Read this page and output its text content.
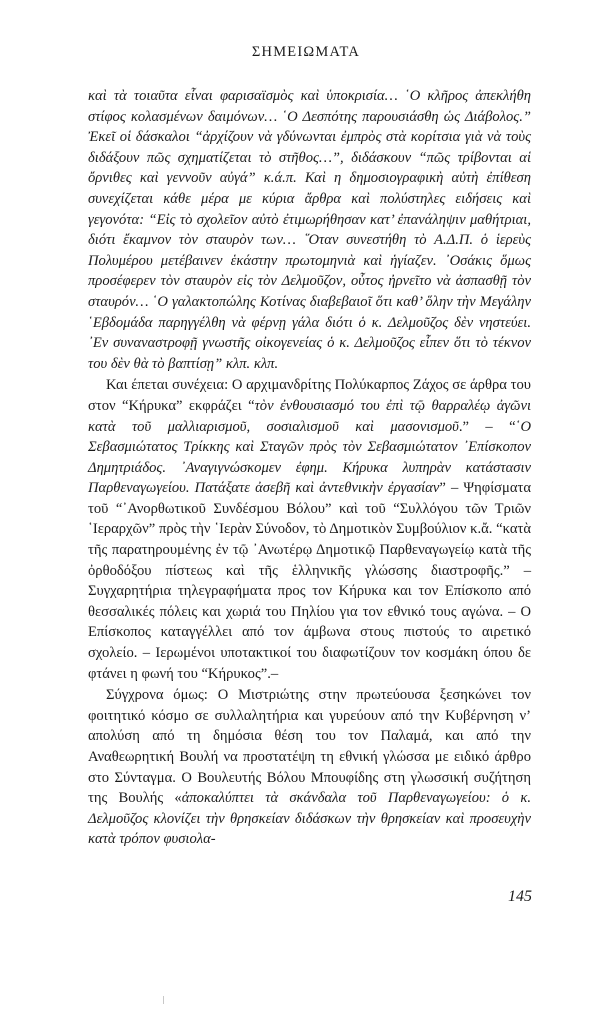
ΣΗΜΕΙΩΜΑΤΑ

καὶ τὰ τοιαῦτα εἶναι φαρισαϊσμὸς καὶ ὑποκρισία… ῾Ο κλῆρος ἀπεκλήθη στίφος κολασμένων δαιμόνων… ῾Ο Δεσπότης παρουσιάσθη ὡς Διάβολος.” Ἐκεῖ οἱ δάσκαλοι “ἀρχίζουν νὰ γδύνωνται ἐμπρὸς στὰ κορίτσια γιὰ νὰ τοὺς διδάξουν πῶς σχηματίζεται τὸ στῆθος…”, διδάσκουν “πῶς τρίβονται αἱ ὄρνιθες καὶ γεννοῦν αὐγά” κ.ά.π. Καὶ η δημοσιογραφικὴ αὐτὴ ἐπίθεση συνεχίζεται κάθε μέρα με κύρια ἄρθρα καὶ πολύστηλες ειδήσεις καὶ γεγονότα: “Εἰς τὸ σχολεῖον αὐτὸ ἐτιμωρήθησαν κατ’ ἐπανάληψιν μαθήτριαι, διότι ἔκαμνον τὸν σταυρὸν των… ῞Οταν συνεστήθη τὸ Α.Δ.Π. ὁ ἱερεὺς Πολυμέρου μετέβαινεν ἑκάστην πρωτομηνιὰ καὶ ἡγίαζεν. ᾿Οσάκις ὅμως προσέφερεν τὸν σταυρὸν εἰς τὸν Δελμοῦζον, οὗτος ἠρνεῖτο νὰ ἀσπασθῇ τὸν σταυρόν… ῾Ο γαλακτοπώλης Κοτίνας διαβεβαιοῖ ὅτι καθ’ ὅλην τὴν Μεγάλην ῾Εβδομάδα παρηγγέλθη νὰ φέρνῃ γάλα διότι ὁ κ. Δελμοῦζος δὲν νηστεύει. ᾿Εν συναναστροφῇ γνωστῆς οἰκογενείας ὁ κ. Δελμοῦζος εἶπεν ὅτι τὸ τέκνον του δὲν θὰ τὸ βαπτίσῃ” κλπ. κλπ.

Και έπεται συνέχεια: Ο αρχιμανδρίτης Πολύκαρπος Ζάχος σε άρθρα του στον “Κήρυκα” εκφράζει “τὸν ἐνθουσιασμό του ἐπὶ τῷ θαρραλέῳ ἀγῶνι κατὰ τοῦ μαλλιαρισμοῦ, σοσιαλισμοῦ καὶ μασονισμοῦ.” – “῾Ο Σεβασμιώτατος Τρίκκης καὶ Σταγῶν πρὸς τὸν Σεβασμιώτατον ᾿Επίσκοπον Δημητριάδος. ᾿Αναγιγνώσκομεν ἐφημ. Κήρυκα λυπηρὰν κατάστασιν Παρθεναγωγείου. Πατάξατε ἀσεβῆ καὶ ἀντεθνικὴν ἐργασίαν” – Ψηφίσματα τοῦ “᾿Ανορθωτικοῦ Συνδέσμου Βόλου” καὶ τοῦ “Συλλόγου τῶν Τριῶν ῾Ιεραρχῶν” πρὸς τὴν ῾Ιερὰν Σύνοδον, τὸ Δημοτικὸν Συμβούλιον κ.ἄ. “κατὰ τῆς παρατηρουμένης ἐν τῷ ᾿Ανωτέρῳ Δημοτικῷ Παρθεναγωγείῳ κατὰ τῆς ὀρθοδόξου πίστεως καὶ τῆς ἑλληνικῆς γλώσσης διαστροφῆς.” – Συγχαρητήρια τηλεγραφήματα προς τον Κήρυκα και τον Επίσκοπο από θεσσαλικές πόλεις και χωριά του Πηλίου για τον εθνικό τους αγώνα. – Ο Επίσκοπος καταγγέλλει από τον άμβωνα στους πιστούς το αιρετικό σχολείο. – Ιερωμένοι υποτακτικοί του διαφωτίζουν τον κοσμάκη όπου δε φτάνει η φωνή του “Κήρυκος”.–

Σύγχρονα όμως: Ο Μιστριώτης στην πρωτεύουσα ξεσηκώνει τον φοιτητικό κόσμο σε συλλαλητήρια και γυρεύουν από την Κυβέρνηση ν’ απολύση από τη δημόσια θέση του τον Παλαμά, και από την Αναθεωρητική Βουλή να προστατέψη τη εθνική γλώσσα με ειδικό άρθρο στο Σύνταγμα. Ο Βουλευτής Βόλου Μπουφίδης στη γλωσσική συζήτηση της Βουλής «ἀποκαλύπτει τὰ σκάνδαλα τοῦ Παρθεναγωγείου: ὁ κ. Δελμοῦζος κλονίζει τὴν θρησκείαν διδάσκων τὴν θρησκείαν καὶ προσευχὴν κατὰ τρόπον φυσιολα-

145
